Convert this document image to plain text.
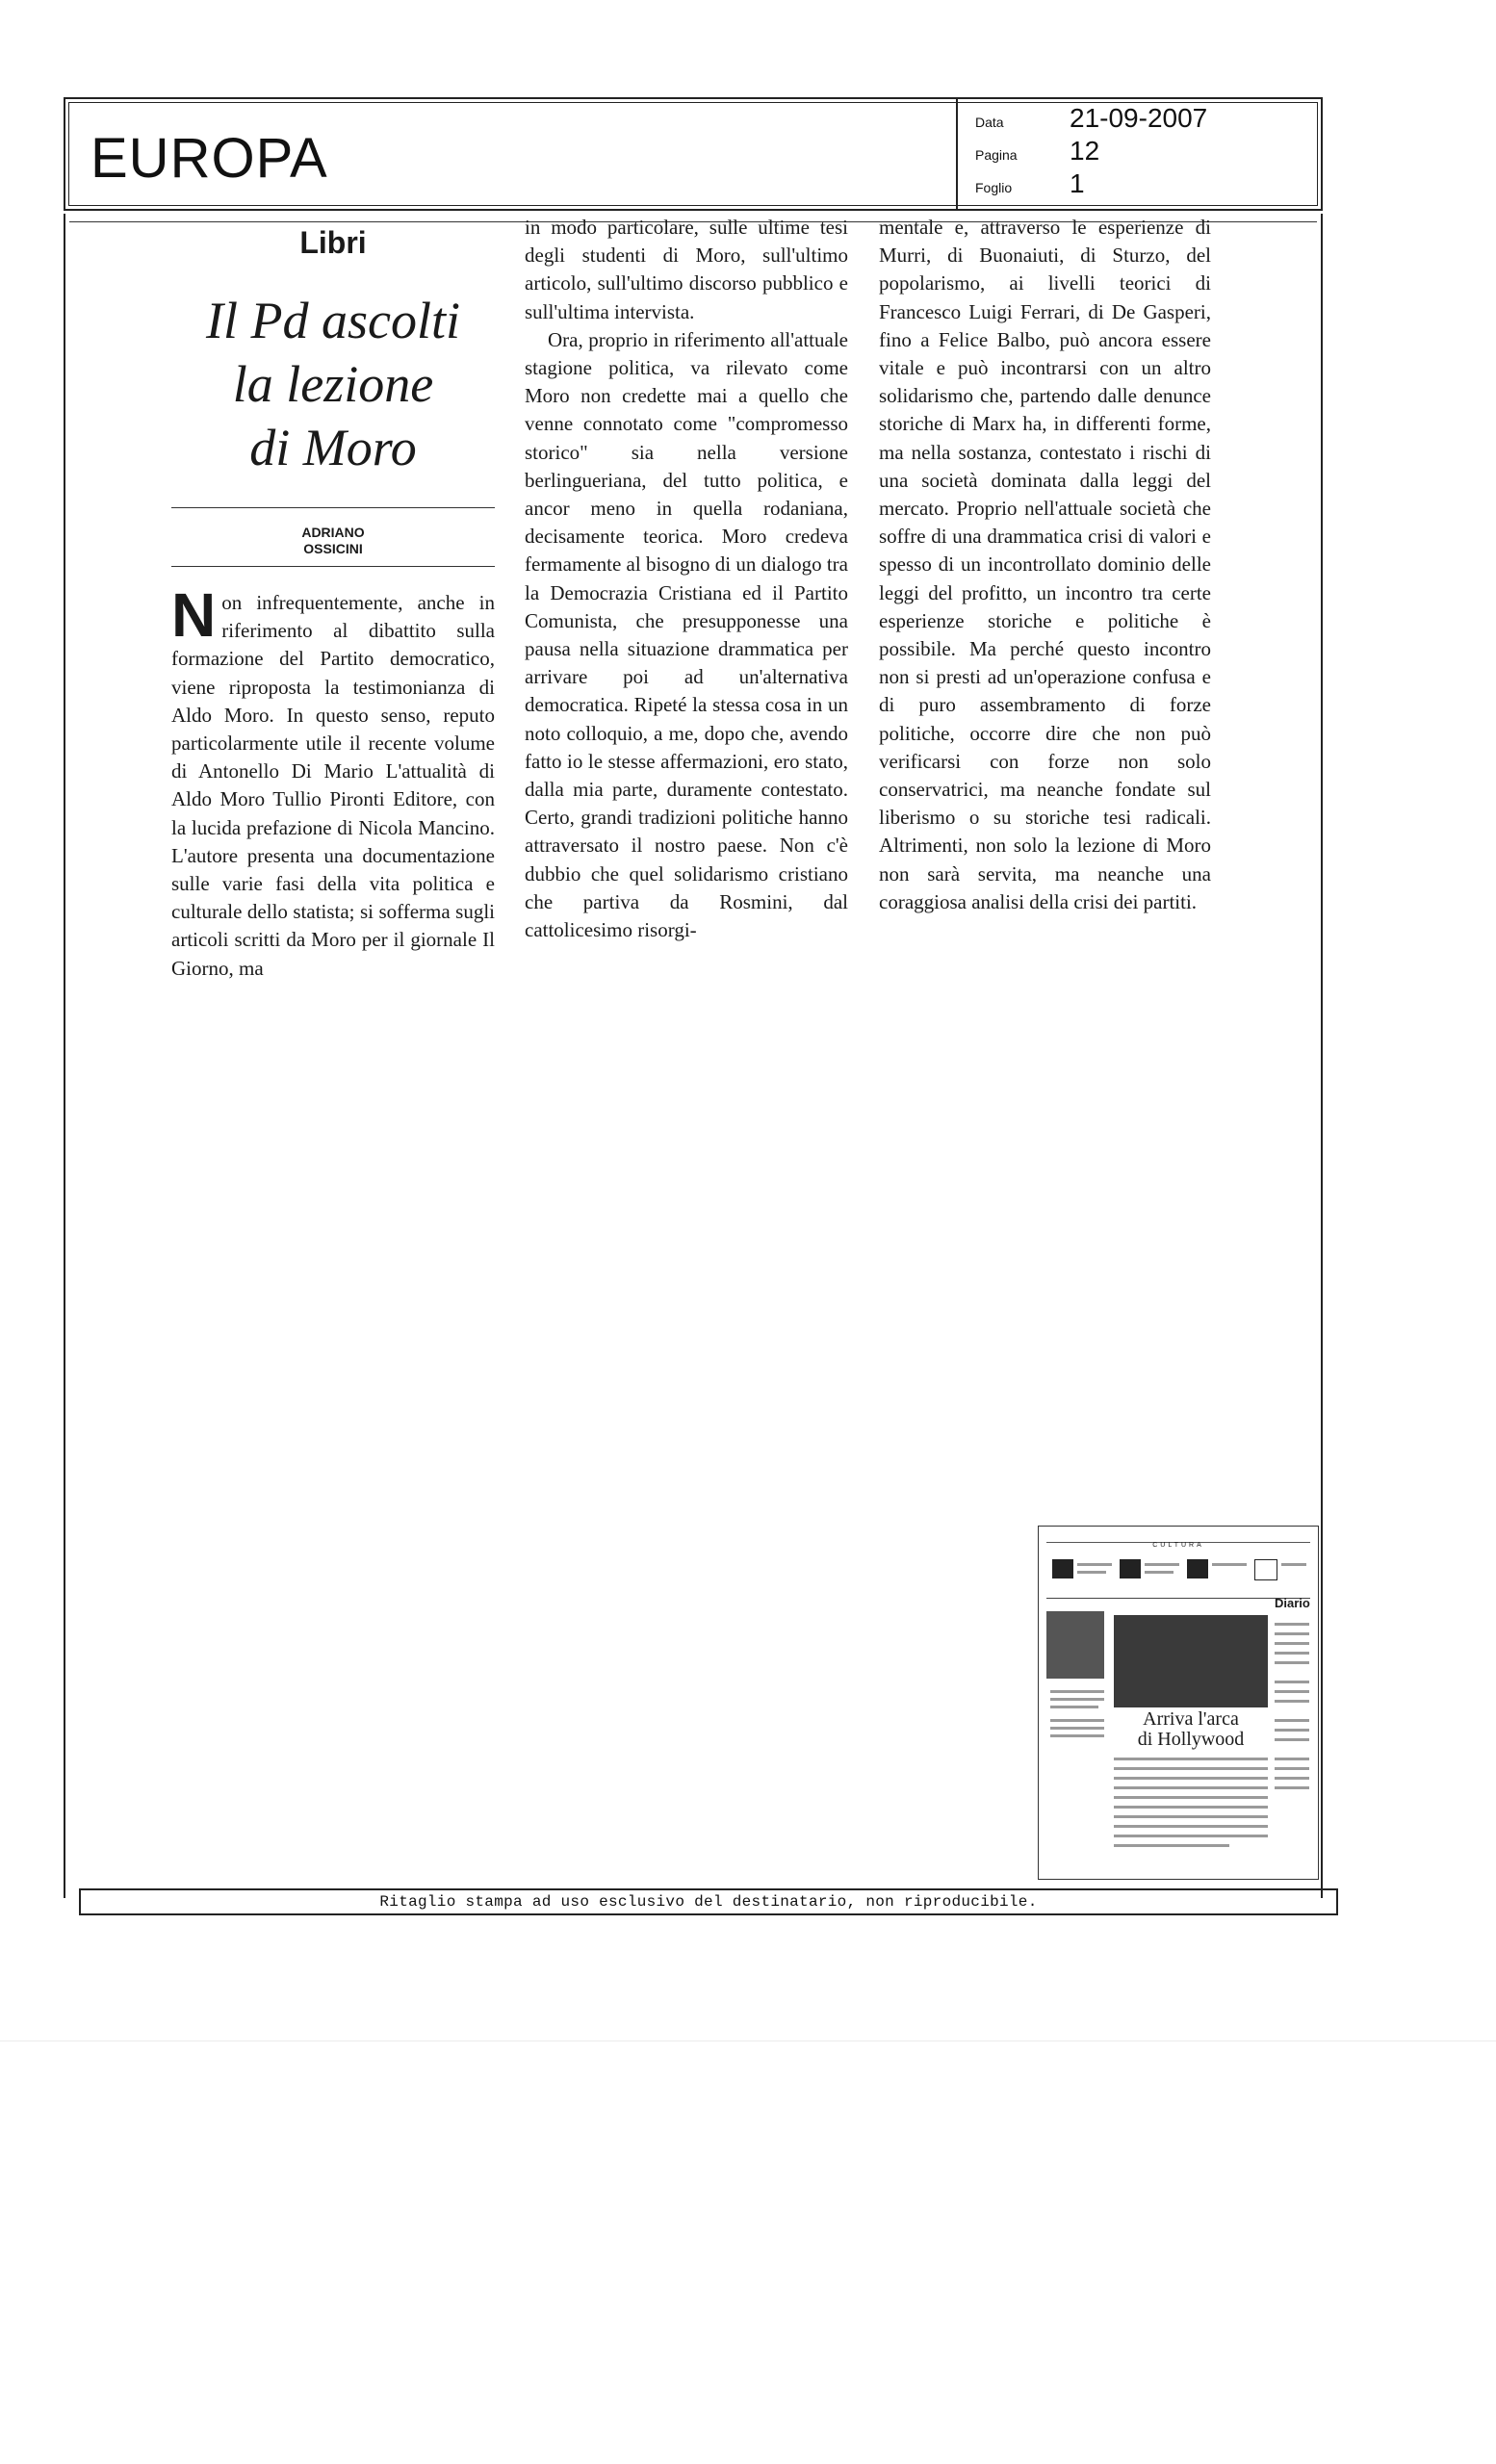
EUROPA
Data	21-09-2007
Pagina	12
Foglio	1
Libri
Il Pd ascolti
la lezione
di Moro
ADRIANO
OSSICINI
Non infrequentemente, anche in riferimento al dibattito sulla formazione del Partito democratico, viene riproposta la testimonianza di Aldo Moro. In questo senso, reputo particolarmente utile il recente volume di Antonello Di Mario L'attualità di Aldo Moro Tullio Pironti Editore, con la lucida prefazione di Nicola Mancino. L'autore presenta una documentazione sulle varie fasi della vita politica e culturale dello statista; si sofferma sugli articoli scritti da Moro per il giornale Il Giorno, ma

in modo particolare, sulle ultime tesi degli studenti di Moro, sull'ultimo articolo, sull'ultimo discorso pubblico e sull'ultima intervista.

Ora, proprio in riferimento all'attuale stagione politica, va rilevato come Moro non credette mai a quello che venne connotato come "compromesso storico" sia nella versione berlingueriana, del tutto politica, e ancor meno in quella rodaniana, decisamente teorica. Moro credeva fermamente al bisogno di un dialogo tra la Democrazia Cristiana ed il Partito Comunista, che presupponesse una pausa nella situazione drammatica per arrivare poi ad un'alternativa democratica. Ripeté la stessa cosa in un noto colloquio, a me, dopo che, avendo fatto io le stesse affermazioni, ero stato, dalla mia parte, duramente contestato. Certo, grandi tradizioni politiche hanno attraversato il nostro paese. Non c'è dubbio che quel solidarismo cristiano che partiva da Rosmini, dal cattolicesimo risorgi-

mentale e, attraverso le esperienze di Murri, di Buonaiuti, di Sturzo, del popolarismo, ai livelli teorici di Francesco Luigi Ferrari, di De Gasperi, fino a Felice Balbo, può ancora essere vitale e può incontrarsi con un altro solidarismo che, partendo dalle denunce storiche di Marx ha, in differenti forme, ma nella sostanza, contestato i rischi di una società dominata dalla leggi del mercato. Proprio nell'attuale società che soffre di una drammatica crisi di valori e spesso di un incontrollato dominio delle leggi del profitto, un incontro tra certe esperienze storiche e politiche è possibile. Ma perché questo incontro non si presti ad un'operazione confusa e di puro assembramento di forze politiche, occorre dire che non può verificarsi con forze non solo conservatrici, ma neanche fondate sul liberismo o su storiche tesi radicali. Altrimenti, non solo la lezione di Moro non sarà servita, ma neanche una coraggiosa analisi della crisi dei partiti.

CULTURA
Arriva l'arca
di Hollywood
Diario
Ritaglio stampa ad uso esclusivo del destinatario, non riproducibile.
